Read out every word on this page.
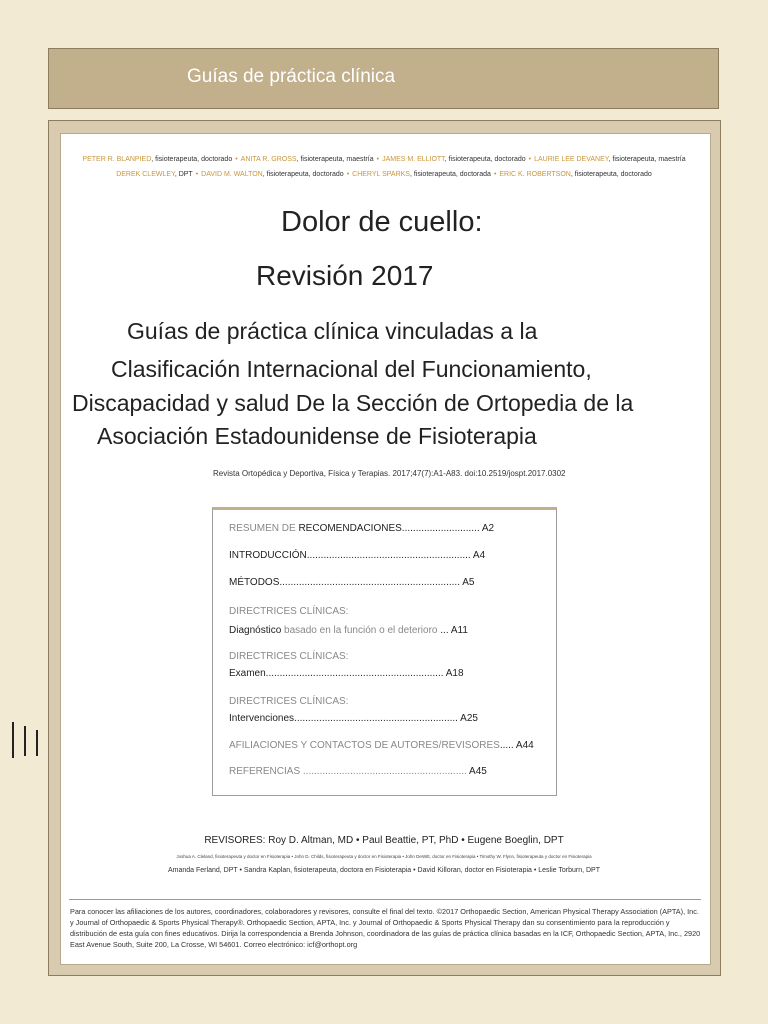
Guías de práctica clínica
PETER R. BLANPIED, fisioterapeuta, doctorado • ANITA R. GROSS, fisioterapeuta, maestría • JAMES M. ELLIOTT, fisioterapeuta, doctorado • LAURIE LEE DEVANEY, fisioterapeuta, maestría
DEREK CLEWLEY, DPT • DAVID M. WALTON, fisioterapeuta, doctorado • CHERYL SPARKS, fisioterapeuta, doctorada • ERIC K. ROBERTSON, fisioterapeuta, doctorado
Dolor de cuello:
Revisión 2017
Guías de práctica clínica vinculadas a la
Clasificación Internacional del Funcionamiento,
Discapacidad y salud De la Sección de Ortopedia de la
Asociación Estadounidense de Fisioterapia
Revista Ortopédica y Deportiva, Física y Terapias. 2017;47(7):A1-A83. doi:10.2519/jospt.2017.0302
RESUMEN DE RECOMENDACIONES............................ A2
INTRODUCCIÓN........................................................... A4
MÉTODOS................................................................. A5
DIRECTRICES CLÍNICAS:
Diagnóstico basado en la función o el deterioro ... A11
DIRECTRICES CLÍNICAS:
Examen................................................................ A18
DIRECTRICES CLÍNICAS:
Intervenciones........................................................... A25
AFILIACIONES Y CONTACTOS DE AUTORES/REVISORES..... A44
REFERENCIAS ........................................................... A45
REVISORES: Roy D. Altman, MD • Paul Beattie, PT, PhD • Eugene Boeglin, DPT
Joshua A. Cleland, fisioterapeuta y doctor en Fisioterapia • John D. Childs, fisioterapeuta y doctor en Fisioterapia • John DeWitt, doctor en Fisioterapia • Timothy W. Flynn, fisioterapeuta y doctor en Fisioterapia
Amanda Ferland, DPT • Sandra Kaplan, fisioterapeuta, doctora en Fisioterapia • David Killoran, doctor en Fisioterapia • Leslie Torburn, DPT
Para conocer las afiliaciones de los autores, coordinadores, colaboradores y revisores, consulte el final del texto. ©2017 Orthopaedic Section, American Physical Therapy Association (APTA), Inc. y Journal of Orthopaedic & Sports Physical Therapy®. Orthopaedic Section, APTA, Inc. y Journal of Orthopaedic & Sports Physical Therapy dan su consentimiento para la reproducción y distribución de esta guía con fines educativos. Dirija la correspondencia a Brenda Johnson, coordinadora de las guías de práctica clínica basadas en la ICF, Orthopaedic Section, APTA, Inc., 2920 East Avenue South, Suite 200, La Crosse, WI 54601. Correo electrónico: icf@orthopt.org
